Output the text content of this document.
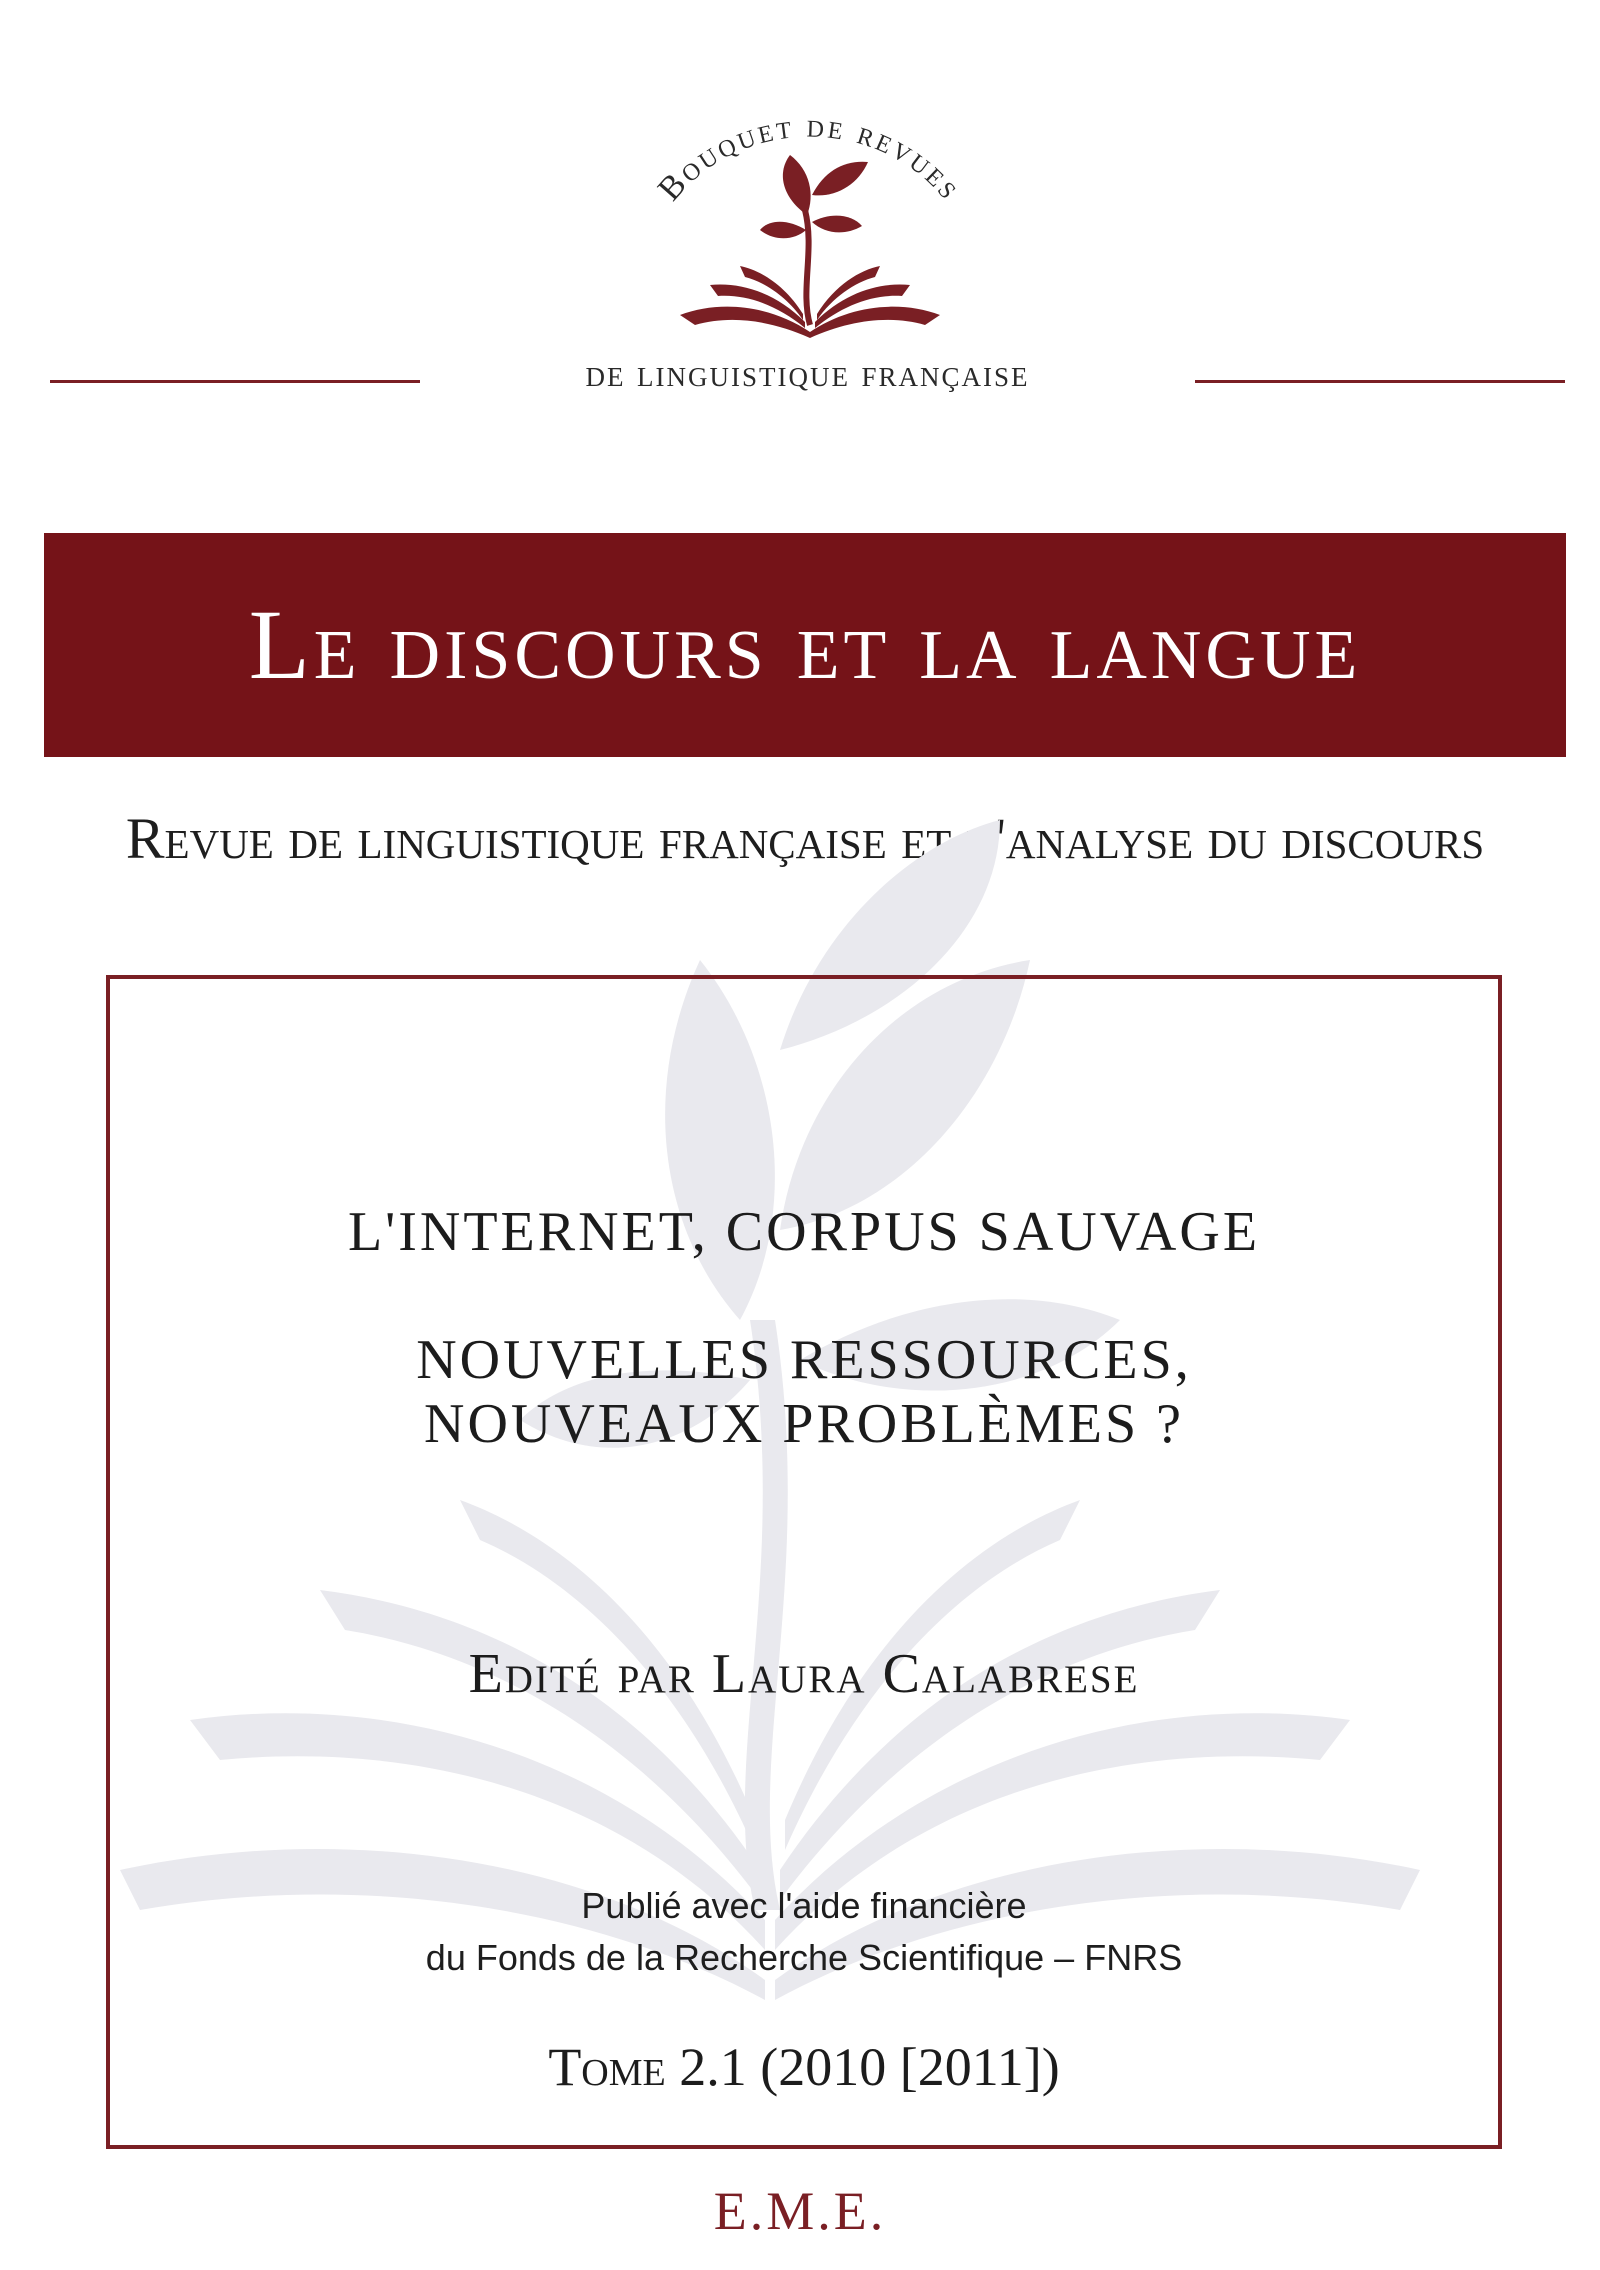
Bouquet de revues
de linguistique française
Le discours et la langue
Revue de linguistique française et d'analyse du discours
L'INTERNET, CORPUS SAUVAGE
NOUVELLES RESSOURCES,
NOUVEAUX PROBLÈMES ?
Edité par Laura Calabrese
Publié avec l'aide financière
du Fonds de la Recherche Scientifique – FNRS
Tome 2.1 (2010 [2011])
E.M.E.
